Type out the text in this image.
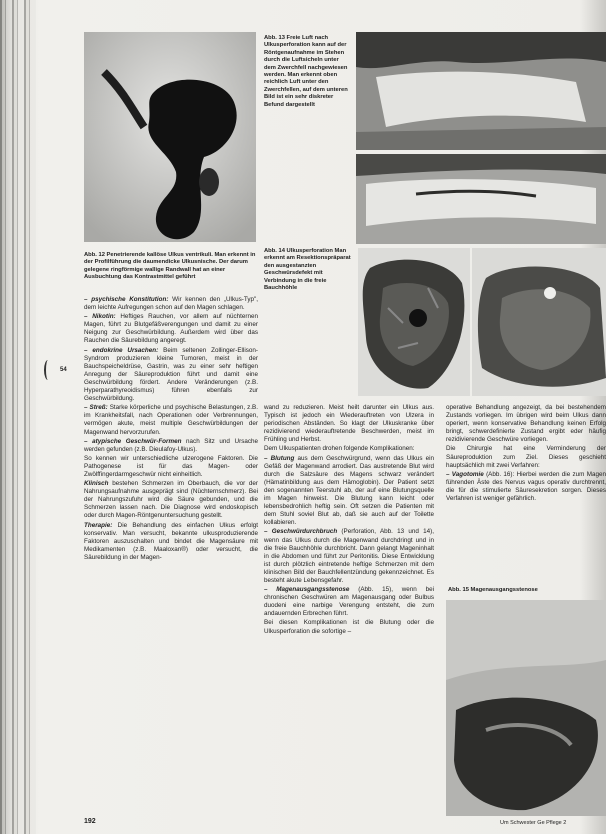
Abb. 12 Penetrierende kallöse Ulkus ventrikuli. Man erkennt in der Profilführung die daumendicke Ulkusnische. Der darum gelegene ringförmige wallige Randwall hat an einer Ausbuchtung das Kontrastmittel geführt
Abb. 13 Freie Luft nach Ulkusperforation kann auf der Röntgenaufnahme im Stehen durch die Luftsicheln unter dem Zwerchfell nachgewiesen werden. Man erkennt oben reichlich Luft unter den Zwerchfellen, auf dem unteren Bild ist ein sehr diskreter Befund dargestellt
Abb. 14 Ulkusperforation Man erkennt am Resektionspräparat den ausgestanzten Geschwürsdefekt mit Verbindung in die freie Bauchhöhle
Abb. 15 Magenausgangsstenose
54

– psychische Konstitution: Wir kennen den „Ulkus-Typ", dem leichte Aufregungen schon auf den Magen schlagen.

– Nikotin: Heftiges Rauchen, vor allem auf nüchternen Magen, führt zu Blutgefäßverengungen und damit zu einer Neigung zur Geschwürbildung. Außerdem wird über das Rauchen die Säurebildung angeregt.

– endokrine Ursachen: Beim seltenen Zollinger-Ellison-Syndrom produzieren kleine Tumoren, meist in der Bauchspeicheldrüse, Gastrin, was zu einer sehr heftigen Anregung der Säureproduktion führt und damit eine Geschwürbildung fördert. Andere Veränderungen (z.B. Hyperparathyreoidismus) führen ebenfalls zur Geschwürbildung.

– Streß: Starke körperliche und psychische Belastungen, z.B. im Krankheitsfall, nach Operationen oder Verbrennungen, vermögen akute, meist multiple Geschwürbildungen der Magenwand hervorzurufen.

– atypische Geschwür-Formen nach Sitz und Ursache werden gefunden (z.B. Dieulafoy-Ulkus).

So kennen wir unterschiedliche ulzerogene Faktoren. Die Pathogenese ist für das Magen- oder Zwölffingerdarmgeschwür nicht einheitlich.

Klinisch bestehen Schmerzen im Oberbauch, die vor der Nahrungsaufnahme ausgeprägt sind (Nüchternschmerz). Bei der Nahrungszufuhr wird die Säure gebunden, und die Schmerzen lassen nach. Die Diagnose wird endoskopisch oder durch Magen-Röntgenuntersuchung gestellt.

Therapie: Die Behandlung des einfachen Ulkus erfolgt konservativ. Man versucht, bekannte ulkusproduzierende Faktoren auszuschalten und bindet die Magensäure mit Medikamenten (z.B. Maaloxan®) oder versucht, die Säurebildung in der Magen-

wand zu reduzieren. Meist heilt darunter ein Ulkus aus. Typisch ist jedoch ein Wiederauftreten von Ulzera in periodischen Abständen. So klagt der Ulkuskranke über rezidivierend wiederauftretende Beschwerden, meist im Frühling und Herbst.

Dem Ulkuspatienten drohen folgende Komplikationen:

– Blutung aus dem Geschwürgrund, wenn das Ulkus ein Gefäß der Magenwand arrodiert. Das austretende Blut wird durch die Salzsäure des Magens schwarz verändert (Hämatinbildung aus dem Hämoglobin). Der Patient setzt den sogenannten Teerstuhl ab, der auf eine Blutungsquelle im Magen hinweist. Die Blutung kann leicht oder lebensbedrohlich heftig sein. Oft setzen die Patienten mit dem Stuhl soviel Blut ab, daß sie auch auf der Toilette kollabieren.

– Geschwürdurchbruch (Perforation, Abb. 13 und 14), wenn das Ulkus durch die Magenwand durchdringt und in die freie Bauchhöhle durchbricht. Dann gelangt Mageninhalt in die Abdomen und führt zur Peritonitis. Diese Entwicklung ist durch plötzlich eintretende heftige Schmerzen mit dem klinischen Bild der Bauchfellentzündung gekennzeichnet. Es besteht akute Lebensgefahr.

– Magenausgangsstenose (Abb. 15), wenn bei chronischen Geschwüren am Magenausgang oder Bulbus duodeni eine narbige Verengung entsteht, die zum andauernden Erbrechen führt.

Bei diesen Komplikationen ist die Blutung oder die Ulkusperforation die sofortige –

operative Behandlung angezeigt, da bei bestehendem Zustands vorliegen. Im übrigen wird beim Ulkus dann operiert, wenn konservative Behandlung keinen Erfolg bringt, schwerdefinierte Zustand ergibt eder häufig rezidivierende Geschwüre vorliegen.

Die Chirurgie hat eine Verminderung der Säureproduktion zum Ziel. Dieses geschieht hauptsächlich mit zwei Verfahren:

– Vagotomie (Abb. 16): Hierbei werden die zum Magen führenden Äste des Nervus vagus operativ durchtrennt, die für die stimulierte Säuresekretion sorgen. Dieses Verfahren ist weniger gefährlich.

192	Um Schwester Ge Pflege 2
